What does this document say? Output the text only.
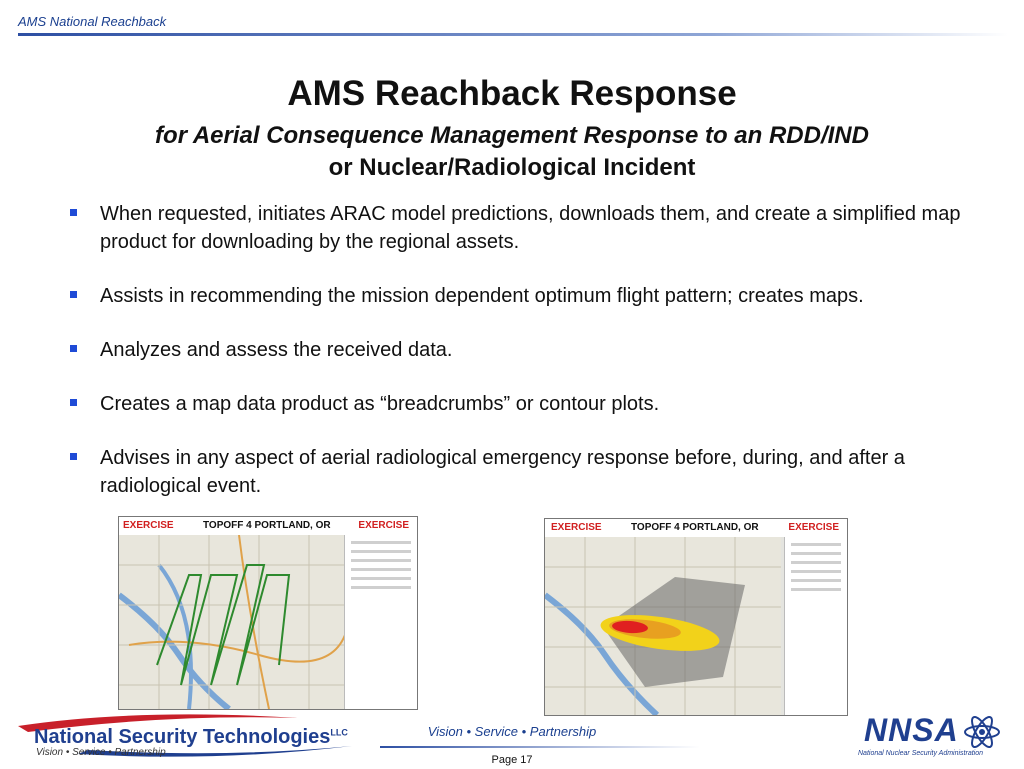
AMS National Reachback
AMS Reachback Response
for Aerial Consequence Management Response to an RDD/IND
or Nuclear/Radiological Incident
When requested, initiates ARAC model predictions, downloads them, and create a simplified map product for downloading by the regional assets.
Assists in recommending the mission dependent optimum flight pattern; creates maps.
Analyzes and assess the received data.
Creates a map data product as “breadcrumbs” or contour plots.
Advises in any aspect of aerial radiological emergency response before, during, and after a radiological event.
EXERCISE	TOPOFF 4 PORTLAND, OR	EXERCISE	EXERCISE	TOPOFF 4 PORTLAND, OR	EXERCISE
National Security Technologies$^{LLC}$
Vision • Service • Partnership
Vision • Service • Partnership
Page 17
NNSA
National Nuclear Security Administration
